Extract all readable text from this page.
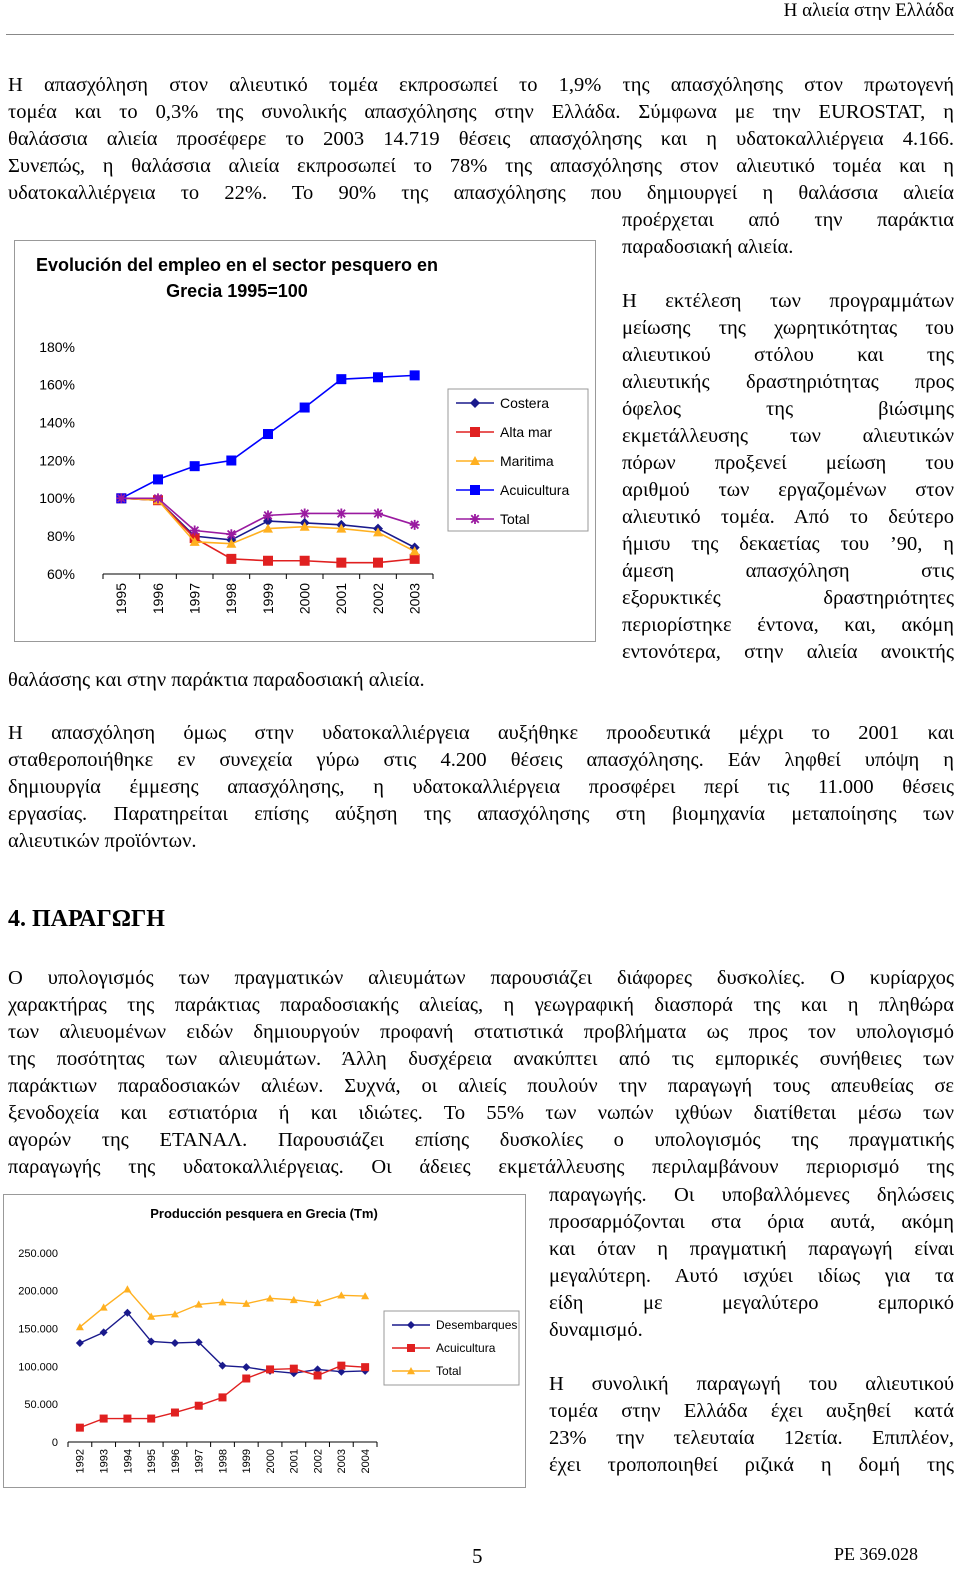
Η αλιεία στην Ελλάδα
Η απασχόληση στον αλιευτικό τομέα εκπροσωπεί το 1,9% της απασχόλησης στον πρωτογενή
τομέα και το 0,3% της συνολικής απασχόλησης στην Ελλάδα. Σύμφωνα με την EUROSTAT, η
θαλάσσια αλιεία προσέφερε το 2003 14.719 θέσεις απασχόλησης και η υδατοκαλλιέργεια 4.166.
Συνεπώς, η θαλάσσια αλιεία εκπροσωπεί το 78% της απασχόλησης στον αλιευτικό τομέα και η
υδατοκαλλιέργεια το 22%. Το 90% της απασχόλησης που δημιουργεί η θαλάσσια αλιεία
προέρχεται από την παράκτια
παραδοσιακή αλιεία.

Η εκτέλεση των προγραμμάτων
μείωσης της χωρητικότητας του
αλιευτικού στόλου και της
αλιευτικής δραστηριότητας προς
όφελος της βιώσιμης
εκμετάλλευσης των αλιευτικών
πόρων προξενεί μείωση του
αριθμού των εργαζομένων στον
αλιευτικό τομέα. Από το δεύτερο
ήμισυ της δεκαετίας του ’90, η
άμεση απασχόληση στις
εξορυκτικές δραστηριότητες
περιορίστηκε έντονα, και, ακόμη
εντονότερα, στην αλιεία ανοικτής
Evolución del empleo en el sector pesquero en
Grecia 1995=100
60%
80%
100%
120%
140%
160%
180%
1995 1996 1997 1998 1999 2000 2001 2002 2003
Costera
Alta mar
Maritima
Acuicultura
Total
θαλάσσης και στην παράκτια παραδοσιακή αλιεία.
Η απασχόληση όμως στην υδατοκαλλιέργεια αυξήθηκε προοδευτικά μέχρι το 2001 και
σταθεροποιήθηκε εν συνεχεία γύρω στις 4.200 θέσεις απασχόλησης. Εάν ληφθεί υπόψη η
δημιουργία έμμεσης απασχόλησης, η υδατοκαλλιέργεια προσφέρει περί τις 11.000 θέσεις
εργασίας. Παρατηρείται επίσης αύξηση της απασχόλησης στη βιομηχανία μεταποίησης των
αλιευτικών προϊόντων.
4. ΠΑΡΑΓΩΓΗ
Ο υπολογισμός των πραγματικών αλιευμάτων παρουσιάζει διάφορες δυσκολίες. Ο κυρίαρχος
χαρακτήρας της παράκτιας παραδοσιακής αλιείας, η γεωγραφική διασπορά της και η πληθώρα
των αλιευομένων ειδών δημιουργούν προφανή στατιστικά προβλήματα ως προς τον υπολογισμό
της ποσότητας των αλιευμάτων. Άλλη δυσχέρεια ανακύπτει από τις εμπορικές συνήθειες των
παράκτιων παραδοσιακών αλιέων. Συχνά, οι αλιείς πουλούν την παραγωγή τους απευθείας σε
ξενοδοχεία και εστιατόρια ή και ιδιώτες. Το 55% των νωπών ιχθύων διατίθεται μέσω των
αγορών της ΕΤΑΝΑΛ. Παρουσιάζει επίσης δυσκολίες ο υπολογισμός της πραγματικής
παραγωγής της υδατοκαλλιέργειας. Οι άδειες εκμετάλλευσης περιλαμβάνουν περιορισμό της
παραγωγής. Οι υποβαλλόμενες δηλώσεις
προσαρμόζονται στα όρια αυτά, ακόμη
και όταν η πραγματική παραγωγή είναι
μεγαλύτερη. Αυτό ισχύει ιδίως για τα
είδη με μεγαλύτερο εμπορικό
δυναμισμό.

Η συνολική παραγωγή του αλιευτικού
τομέα στην Ελλάδα έχει αυξηθεί κατά
23% την τελευταία 12ετία. Επιπλέον,
έχει τροποποιηθεί ριζικά η δομή της
Producción pesquera en Grecia (Tm)
0
50.000
100.000
150.000
200.000
250.000
1992 1993 1994 1995 1996 1997 1998 1999 2000 2001 2002 2003 2004
Desembarques
Acuicultura
Total
5	PE 369.028
